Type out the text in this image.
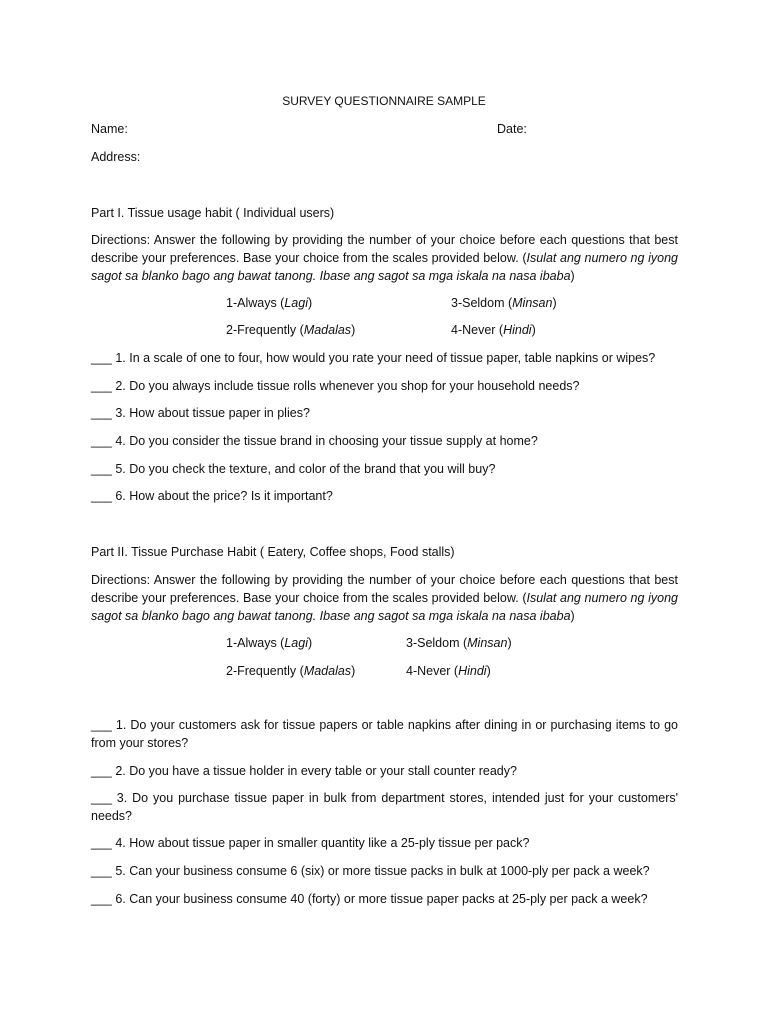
SURVEY QUESTIONNAIRE SAMPLE
Name:	Date:
Address:
Part I. Tissue usage habit ( Individual users)
Directions: Answer the following by providing the number of your choice before each questions that best describe your preferences. Base your choice from the scales provided below. (Isulat ang numero ng iyong sagot sa blanko bago ang bawat tanong. Ibase ang sagot sa mga iskala na nasa ibaba)
1-Always (Lagi)	3-Seldom (Minsan)
2-Frequently (Madalas)	4-Never (Hindi)
___ 1. In a scale of one to four, how would you rate your need of tissue paper, table napkins or wipes?
___ 2. Do you always include tissue rolls whenever you shop for your household needs?
___ 3. How about tissue paper in plies?
___ 4. Do you consider the tissue brand in choosing your tissue supply at home?
___ 5. Do you check the texture, and color of the brand that you will buy?
___ 6. How about the price? Is it important?
Part II. Tissue Purchase Habit ( Eatery, Coffee shops, Food stalls)
Directions: Answer the following by providing the number of your choice before each questions that best describe your preferences. Base your choice from the scales provided below. (Isulat ang numero ng iyong sagot sa blanko bago ang bawat tanong. Ibase ang sagot sa mga iskala na nasa ibaba)
1-Always (Lagi)	3-Seldom (Minsan)
2-Frequently (Madalas)	4-Never (Hindi)
___ 1. Do your customers ask for tissue papers or table napkins after dining in or purchasing items to go from your stores?
___ 2. Do you have a tissue holder in every table or your stall counter ready?
___ 3. Do you purchase tissue paper in bulk from department stores, intended just for your customers' needs?
___ 4. How about tissue paper in smaller quantity like a 25-ply tissue per pack?
___ 5. Can your business consume 6 (six) or more tissue packs in bulk at 1000-ply per pack a week?
___ 6. Can your business consume 40 (forty) or more tissue paper packs at 25-ply per pack a week?
